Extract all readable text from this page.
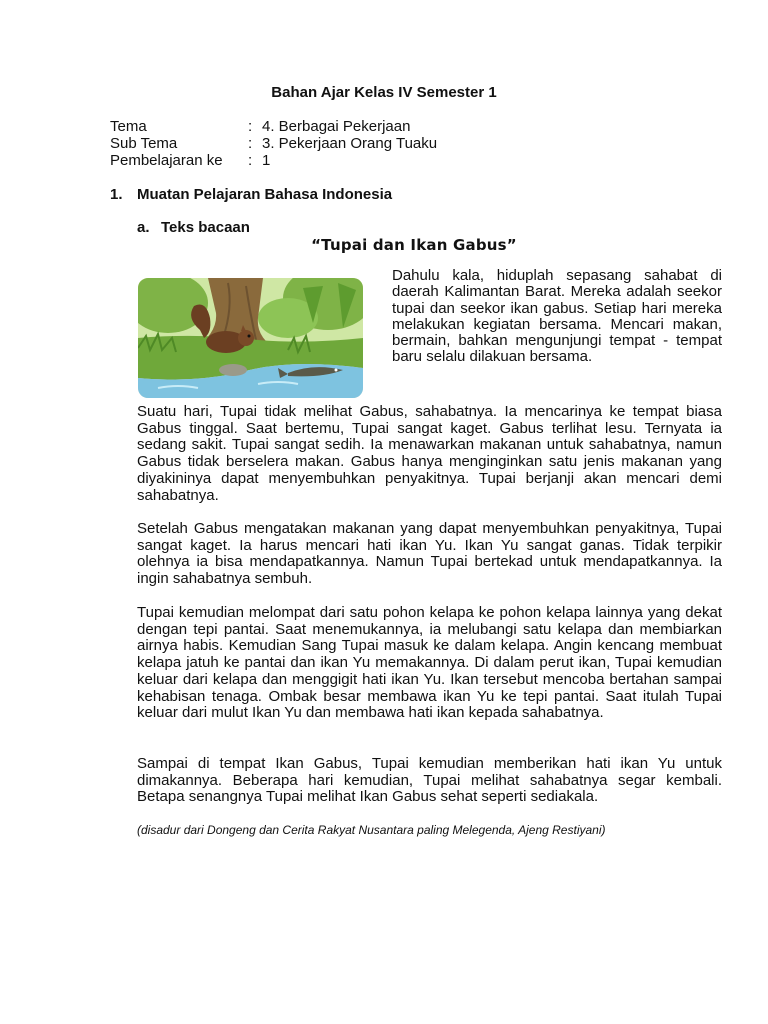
Bahan Ajar Kelas IV Semester 1
Tema	: 4. Berbagai Pekerjaan
Sub Tema	: 3. Pekerjaan Orang Tuaku
Pembelajaran ke	: 1
1. Muatan Pelajaran Bahasa Indonesia
a. Teks bacaan
“Tupai dan Ikan Gabus”
Dahulu kala, hiduplah sepasang sahabat di daerah Kalimantan Barat. Mereka adalah seekor tupai dan seekor ikan gabus. Setiap hari mereka melakukan kegiatan bersama. Mencari makan, bermain, bahkan mengunjungi tempat - tempat baru selalu dilakuan bersama.
Suatu hari, Tupai tidak melihat Gabus, sahabatnya. Ia mencarinya ke tempat biasa Gabus tinggal. Saat bertemu, Tupai sangat kaget. Gabus terlihat lesu. Ternyata ia sedang sakit. Tupai sangat sedih. Ia menawarkan makanan untuk sahabatnya, namun Gabus tidak berselera makan. Gabus hanya menginginkan satu jenis makanan yang diyakininya dapat menyembuhkan penyakitnya. Tupai berjanji akan mencari demi sahabatnya.
Setelah Gabus mengatakan makanan yang dapat menyembuhkan penyakitnya, Tupai sangat kaget. Ia harus mencari hati ikan Yu. Ikan Yu sangat ganas. Tidak terpikir olehnya ia bisa mendapatkannya. Namun Tupai bertekad untuk mendapatkannya. Ia ingin sahabatnya sembuh.
Tupai kemudian melompat dari satu pohon kelapa ke pohon kelapa lainnya yang dekat dengan tepi pantai. Saat menemukannya, ia melubangi satu kelapa dan membiarkan airnya habis. Kemudian Sang Tupai masuk ke dalam kelapa. Angin kencang membuat kelapa jatuh ke pantai dan ikan Yu memakannya. Di dalam perut ikan, Tupai kemudian keluar dari kelapa dan menggigit hati ikan Yu. Ikan tersebut mencoba bertahan sampai kehabisan tenaga. Ombak besar membawa ikan Yu ke tepi pantai. Saat itulah Tupai keluar dari mulut Ikan Yu dan membawa hati ikan kepada sahabatnya.
Sampai di tempat Ikan Gabus, Tupai kemudian memberikan hati ikan Yu untuk dimakannya. Beberapa hari kemudian, Tupai melihat sahabatnya segar kembali. Betapa senangnya Tupai melihat Ikan Gabus sehat seperti sediakala.
(disadur dari Dongeng dan Cerita Rakyat Nusantara paling Melegenda, Ajeng Restiyani)
